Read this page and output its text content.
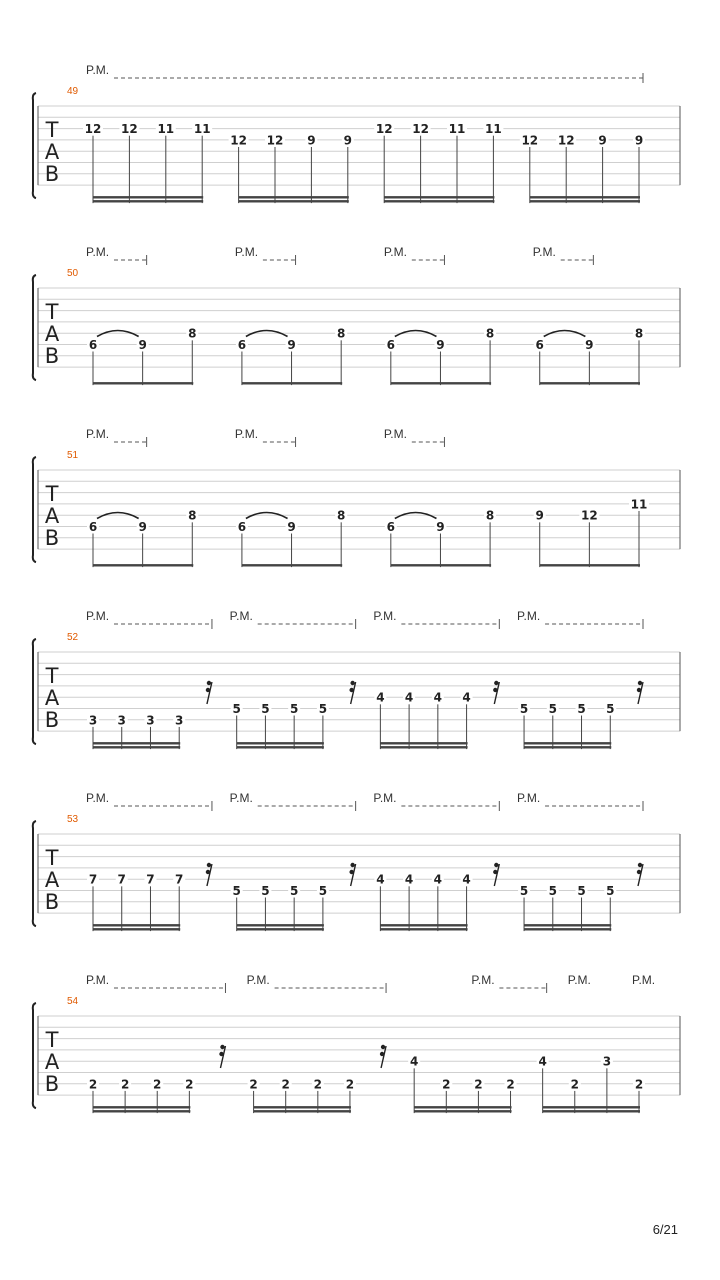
T
A
B
49
12 12 11 11
12 12 9 9
12 12 11 11
12 12 9 9
P.M.
T
A
B
50
6	9
8
6	9
8
6	9
8
6	9
8
P.M.	P.M.	P.M.	P.M.
T
A
B
51
6	9
8
6	9
8
6	9
8	9	12
11
P.M.	P.M.	P.M.
T
A
B
52
3 3 3 3
5 5 5 5
4 4 4 4
5 5 5 5
P.M.	P.M.	P.M.	P.M.
T
A
B
53
7 7 7 7
5 5 5 5
4 4 4 4
5 5 5 5
P.M.	P.M.	P.M.	P.M.
T
A
B
54
2 2 2 2	2 2 2 2
4
2 2 2
4
2
3
2
P.M.	P.M.	P.M.	P.M.	P.M.
6/21
